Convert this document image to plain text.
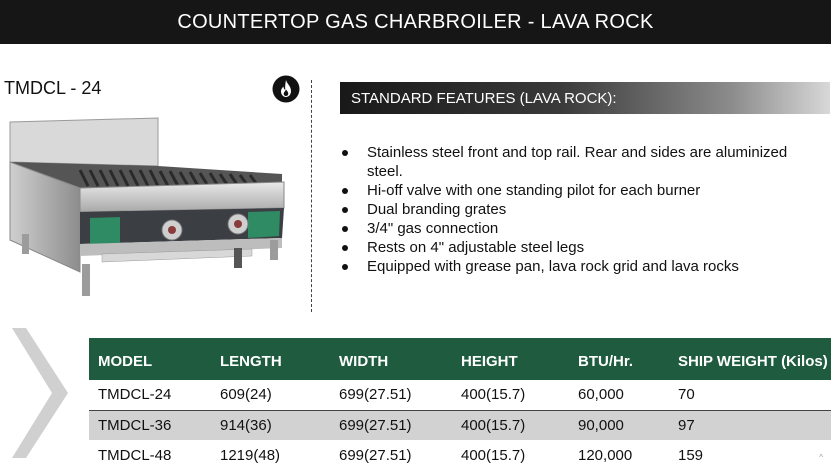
COUNTERTOP GAS CHARBROILER - LAVA ROCK
TMDCL - 24	STANDARD FEATURES (LAVA ROCK):
Stainless steel front and top rail. Rear and sides are aluminized steel.
Hi-off valve with one standing pilot for each burner
Dual branding grates
3/4" gas connection
Rests on 4" adjustable steel legs
Equipped with grease pan, lava rock grid and lava rocks
MODEL	LENGTH	WIDTH	HEIGHT	BTU/Hr.	SHIP WEIGHT (Kilos)
TMDCL-24	609(24)	699(27.51)	400(15.7)	60,000	70
TMDCL-36	914(36)	699(27.51)	400(15.7)	90,000	97
TMDCL-48	1219(48)	699(27.51)	400(15.7)	120,000	159	^
